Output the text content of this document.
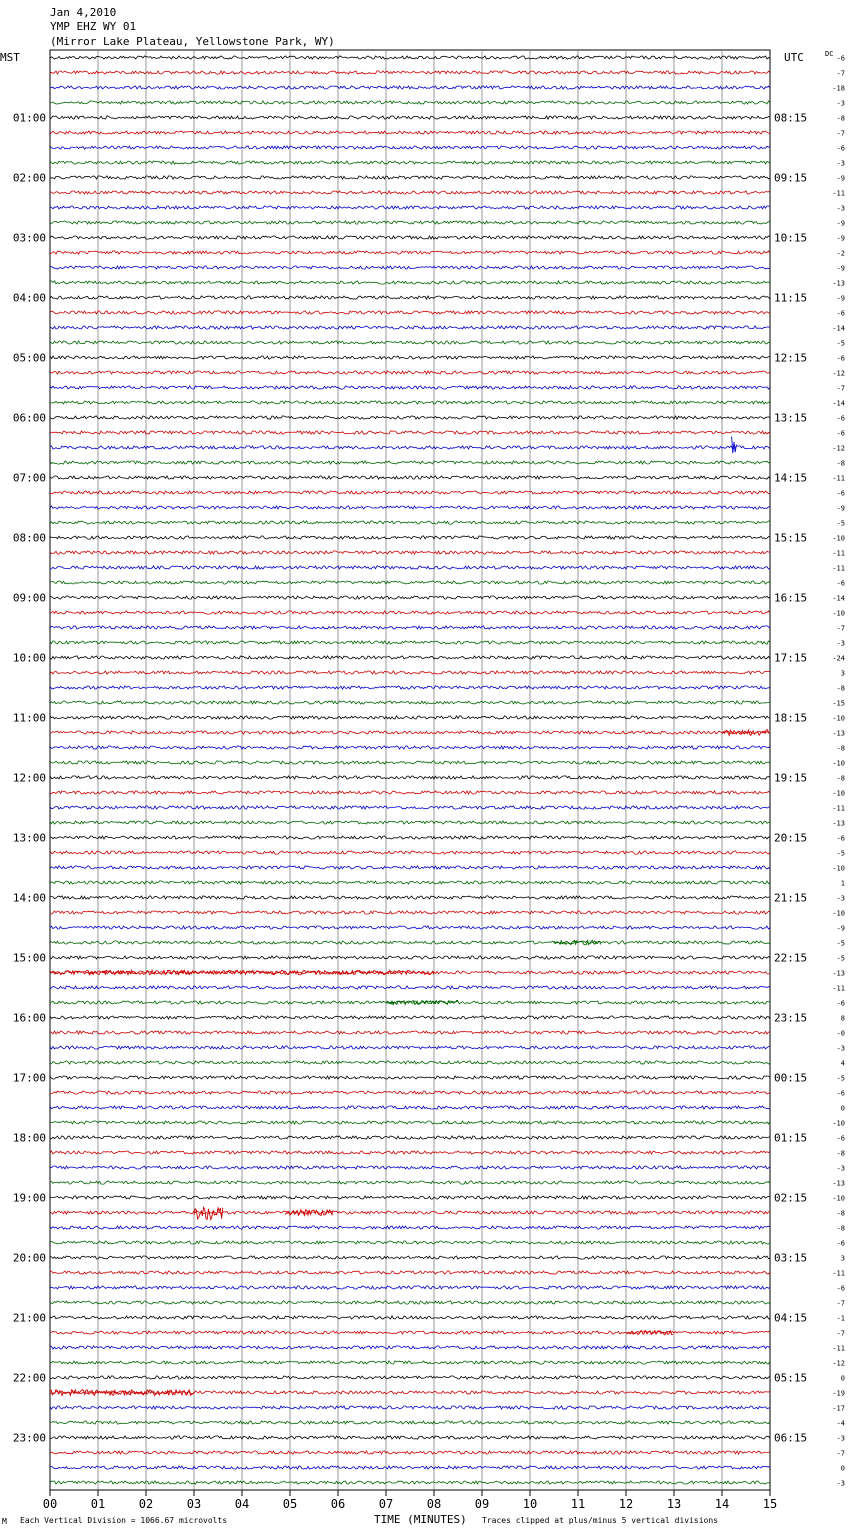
Jan 4,2010
YMP EHZ WY 01
(Mirror Lake Plateau, Yellowstone Park, WY)
MST	UTC	DC
01:00
02:00
03:00
04:00
05:00
06:00
07:00
08:00
09:00
10:00
11:00
12:00
13:00
14:00
15:00
16:00
17:00
18:00
19:00
20:00
21:00
22:00
23:00
08:15
09:15
10:15
11:15
12:15
13:15
14:15
15:15
16:15
17:15
18:15
19:15
20:15
21:15
22:15
23:15
00:15
01:15
02:15
03:15
04:15
05:15
06:15
-6
-7
-18
-3
-8
-7
-6
-3
-9
-11
-3
-9
-9
-2
-9
-13
-9
-6
-14
-5
-6
-12
-7
-14
-6
-6
-12
-8
-11
-6
-9
-5
-10
-11
-11
-6
-14
-10
-7
-3
-24
3
-8
-15
-10
-13
-8
-10
-8
-10
-11
-13
-6
-5
-10
1
-3
-10
-9
-5
-5
-13
-11
-6
8
-0
-3
4
-5
-6
0
-10
-6
-8
-3
-13
-10
-8
-8
-6
3
-11
-6
-7
-1
-7
-11
-12
0
-19
-17
-4
-3
-7
0
-3
00	01	02	03	04	05	06	07	08	09	10	11	12	13	14	15
TIME (MINUTES)
Each Vertical Division = 1066.67 microvolts	Traces clipped at plus/minus 5 vertical divisions
M
